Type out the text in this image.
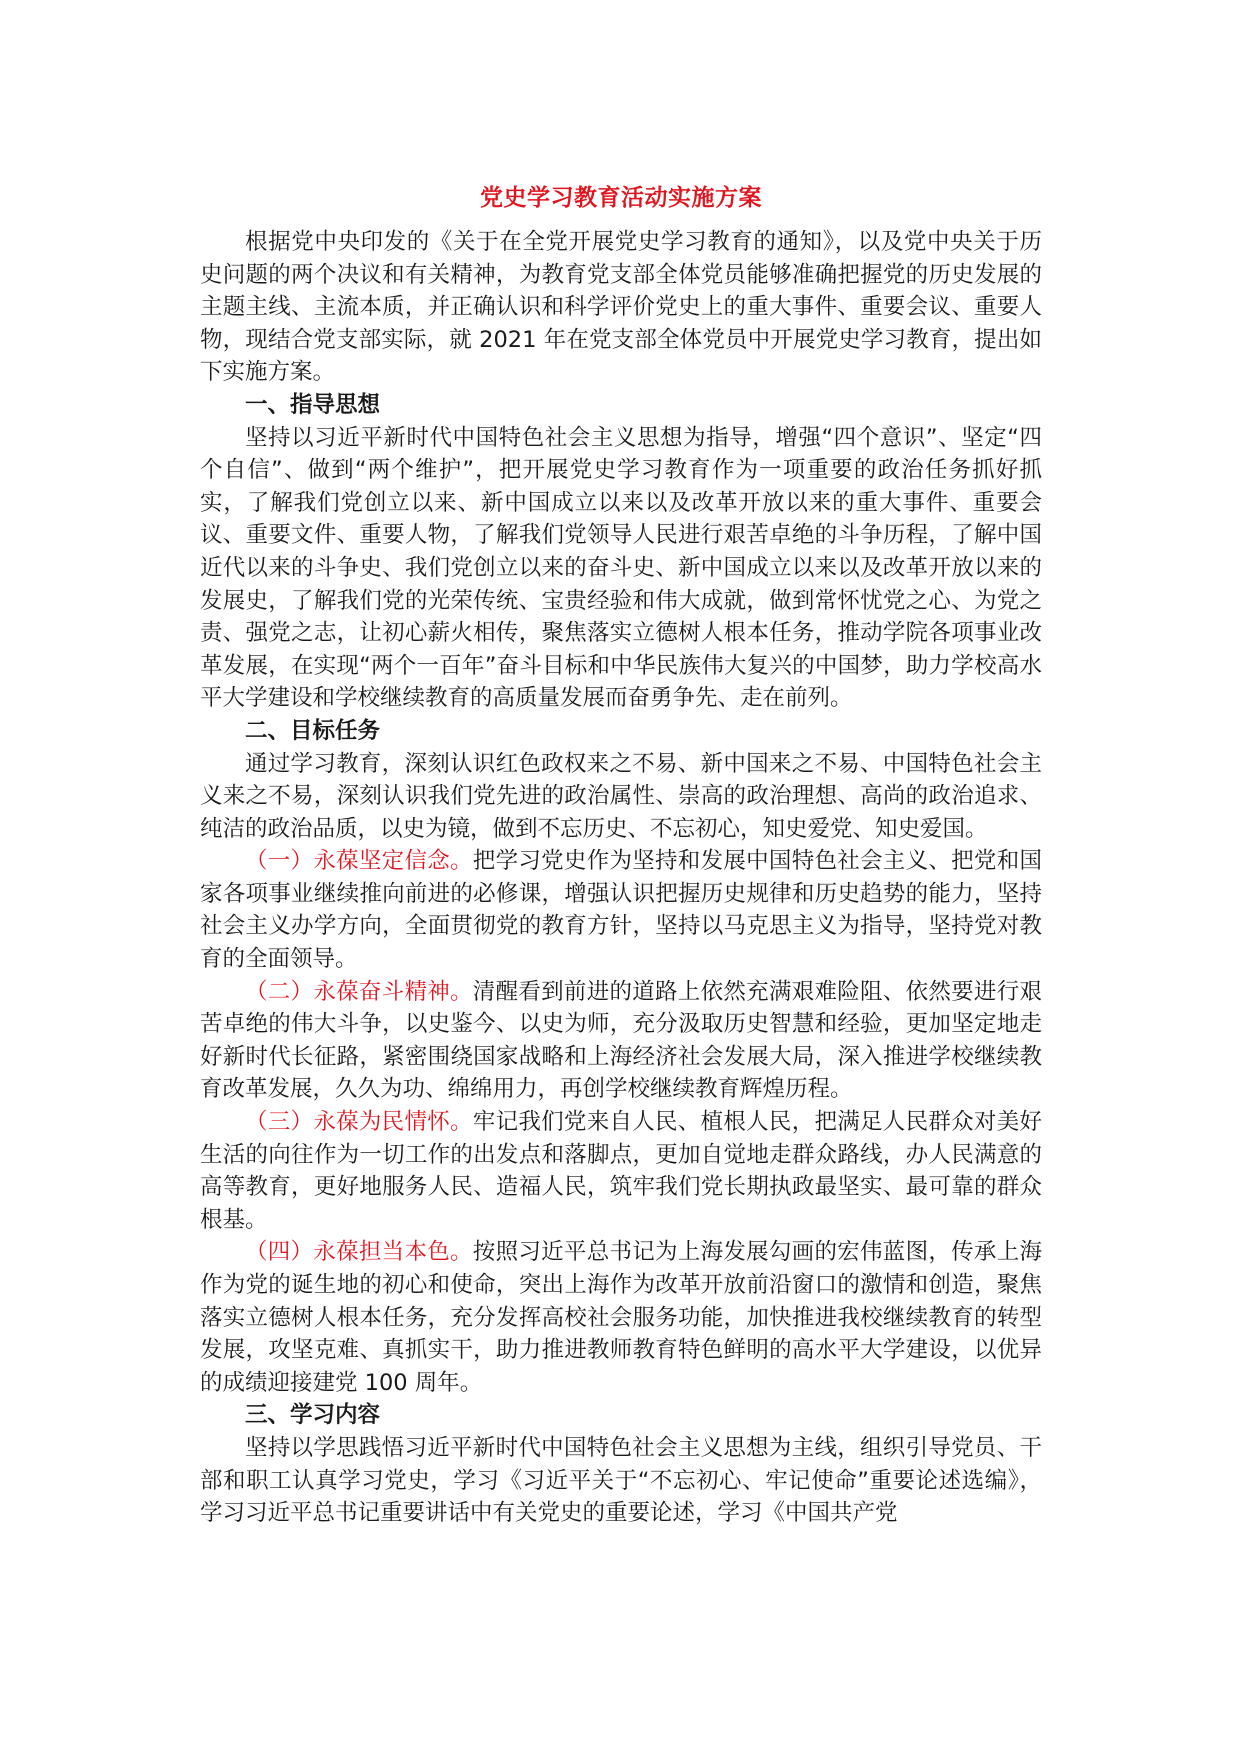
党史学习教育活动实施方案

根据党中央印发的《关于在全党开展党史学习教育的通知》，以及党中央关于历史问题的两个决议和有关精神，为教育党支部全体党员能够准确把握党的历史发展的主题主线、主流本质，并正确认识和科学评价党史上的重大事件、重要会议、重要人物，现结合党支部实际，就 2021 年在党支部全体党员中开展党史学习教育，提出如下实施方案。

一、指导思想

坚持以习近平新时代中国特色社会主义思想为指导，增强“四个意识”、坚定“四个自信”、做到“两个维护”，把开展党史学习教育作为一项重要的政治任务抓好抓实，了解我们党创立以来、新中国成立以来以及改革开放以来的重大事件、重要会议、重要文件、重要人物，了解我们党领导人民进行艰苦卓绝的斗争历程，了解中国近代以来的斗争史、我们党创立以来的奋斗史、新中国成立以来以及改革开放以来的发展史，了解我们党的光荣传统、宝贵经验和伟大成就，做到常怀忧党之心、为党之责、强党之志，让初心薪火相传，聚焦落实立德树人根本任务，推动学院各项事业改革发展，在实现“两个一百年”奋斗目标和中华民族伟大复兴的中国梦，助力学校高水平大学建设和学校继续教育的高质量发展而奋勇争先、走在前列。

二、目标任务

通过学习教育，深刻认识红色政权来之不易、新中国来之不易、中国特色社会主义来之不易，深刻认识我们党先进的政治属性、崇高的政治理想、高尚的政治追求、纯洁的政治品质，以史为镜，做到不忘历史、不忘初心，知史爱党、知史爱国。

（一）永葆坚定信念。把学习党史作为坚持和发展中国特色社会主义、把党和国家各项事业继续推向前进的必修课，增强认识把握历史规律和历史趋势的能力，坚持社会主义办学方向，全面贯彻党的教育方针，坚持以马克思主义为指导，坚持党对教育的全面领导。

（二）永葆奋斗精神。清醒看到前进的道路上依然充满艰难险阻、依然要进行艰苦卓绝的伟大斗争，以史鉴今、以史为师，充分汲取历史智慧和经验，更加坚定地走好新时代长征路，紧密围绕国家战略和上海经济社会发展大局，深入推进学校继续教育改革发展，久久为功、绵绵用力，再创学校继续教育辉煌历程。

（三）永葆为民情怀。牢记我们党来自人民、植根人民，把满足人民群众对美好生活的向往作为一切工作的出发点和落脚点，更加自觉地走群众路线，办人民满意的高等教育，更好地服务人民、造福人民，筑牢我们党长期执政最坚实、最可靠的群众根基。

（四）永葆担当本色。按照习近平总书记为上海发展勾画的宏伟蓝图，传承上海作为党的诞生地的初心和使命，突出上海作为改革开放前沿窗口的激情和创造，聚焦落实立德树人根本任务，充分发挥高校社会服务功能，加快推进我校继续教育的转型发展，攻坚克难、真抓实干，助力推进教师教育特色鲜明的高水平大学建设，以优异的成绩迎接建党 100 周年。

三、学习内容

坚持以学思践悟习近平新时代中国特色社会主义思想为主线，组织引导党员、干部和职工认真学习党史，学习《习近平关于“不忘初心、牢记使命”重要论述选编》，学习习近平总书记重要讲话中有关党史的重要论述，学习《中国共产党
